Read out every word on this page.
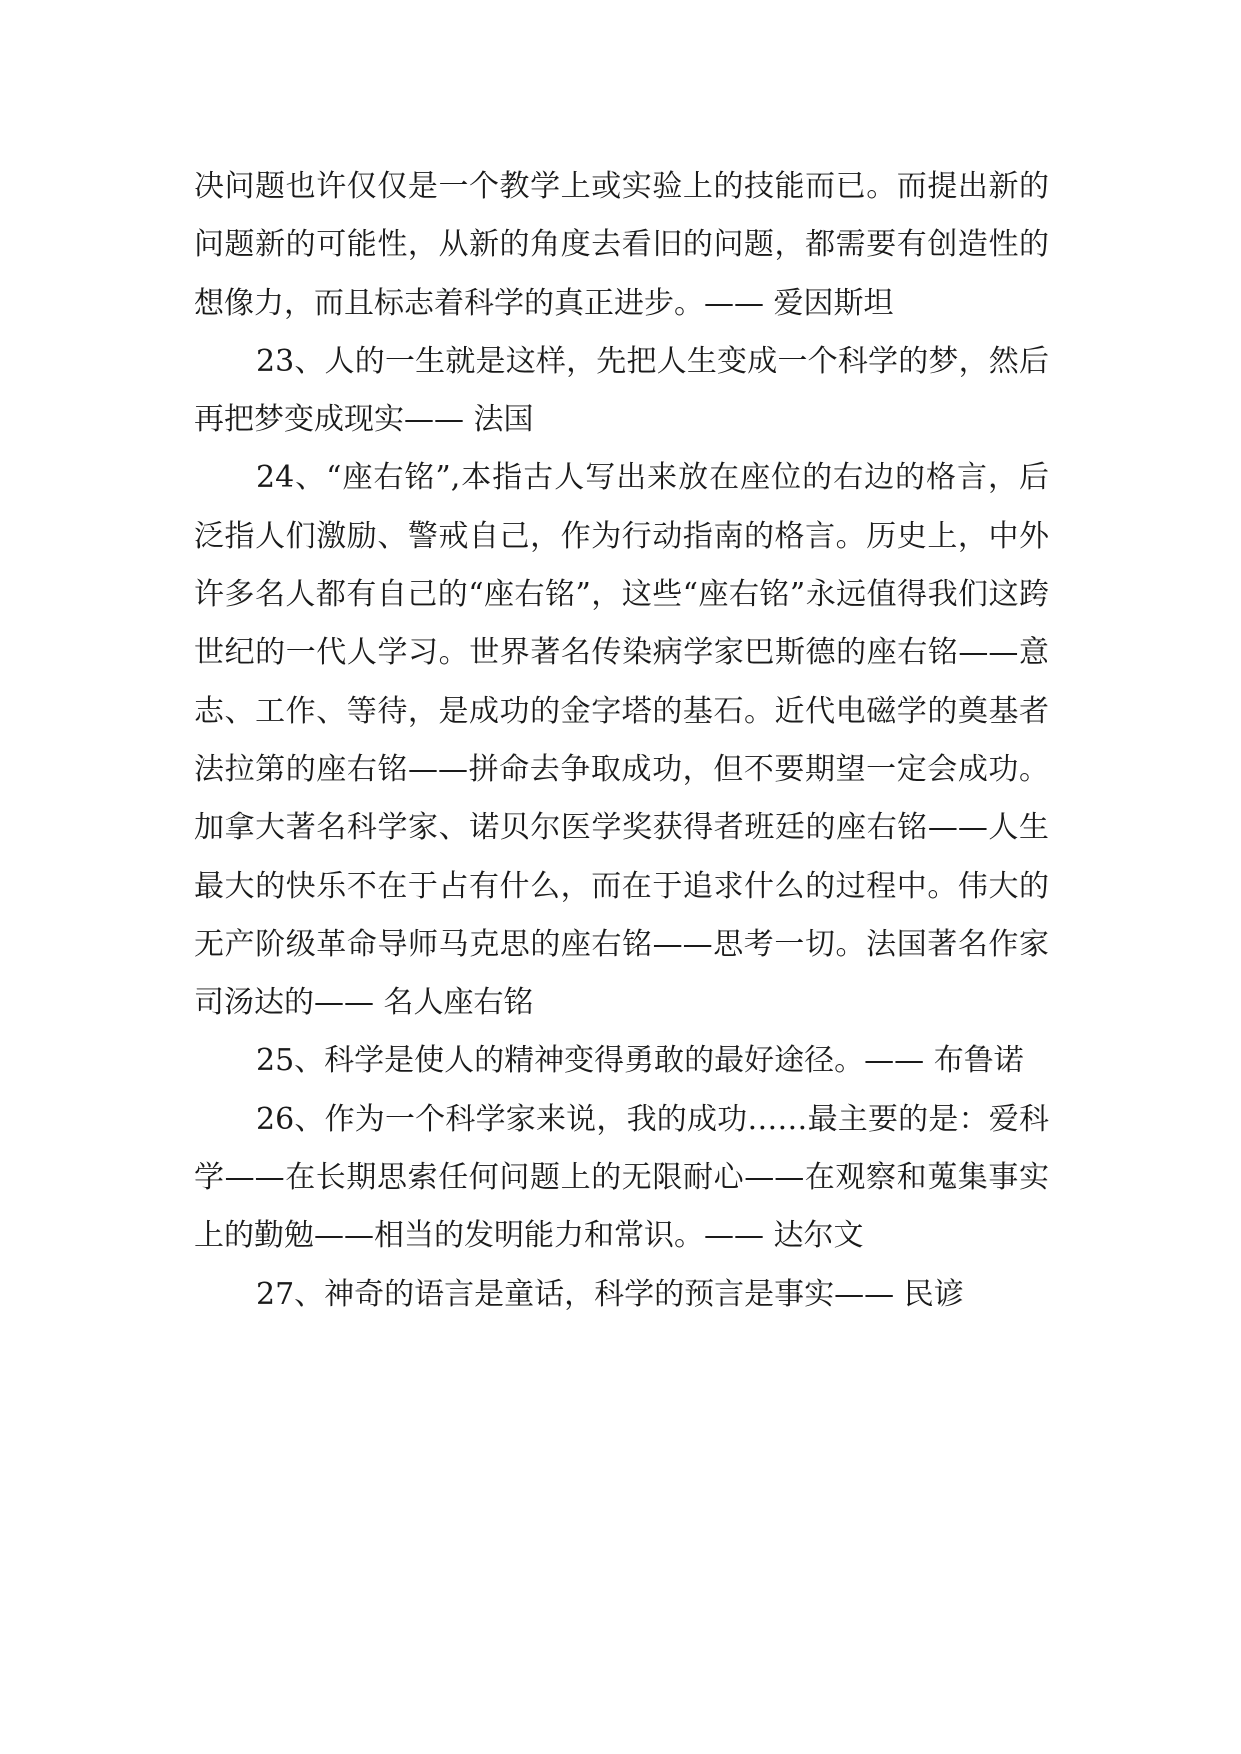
决问题也许仅仅是一个教学上或实验上的技能而已。而提出新的问题新的可能性，从新的角度去看旧的问题，都需要有创造性的想像力，而且标志着科学的真正进步。—— 爱因斯坦

23、人的一生就是这样，先把人生变成一个科学的梦，然后再把梦变成现实—— 法国

24、“座右铭”,本指古人写出来放在座位的右边的格言，后泛指人们激励、警戒自己，作为行动指南的格言。历史上，中外许多名人都有自己的“座右铭”，这些“座右铭”永远值得我们这跨世纪的一代人学习。世界著名传染病学家巴斯德的座右铭——意志、工作、等待，是成功的金字塔的基石。近代电磁学的奠基者法拉第的座右铭——拼命去争取成功，但不要期望一定会成功。加拿大著名科学家、诺贝尔医学奖获得者班廷的座右铭——人生最大的快乐不在于占有什么，而在于追求什么的过程中。伟大的无产阶级革命导师马克思的座右铭——思考一切。法国著名作家司汤达的—— 名人座右铭

25、科学是使人的精神变得勇敢的最好途径。—— 布鲁诺

26、作为一个科学家来说，我的成功……最主要的是：爱科学——在长期思索任何问题上的无限耐心——在观察和蒐集事实上的勤勉——相当的发明能力和常识。—— 达尔文

27、神奇的语言是童话，科学的预言是事实—— 民谚
